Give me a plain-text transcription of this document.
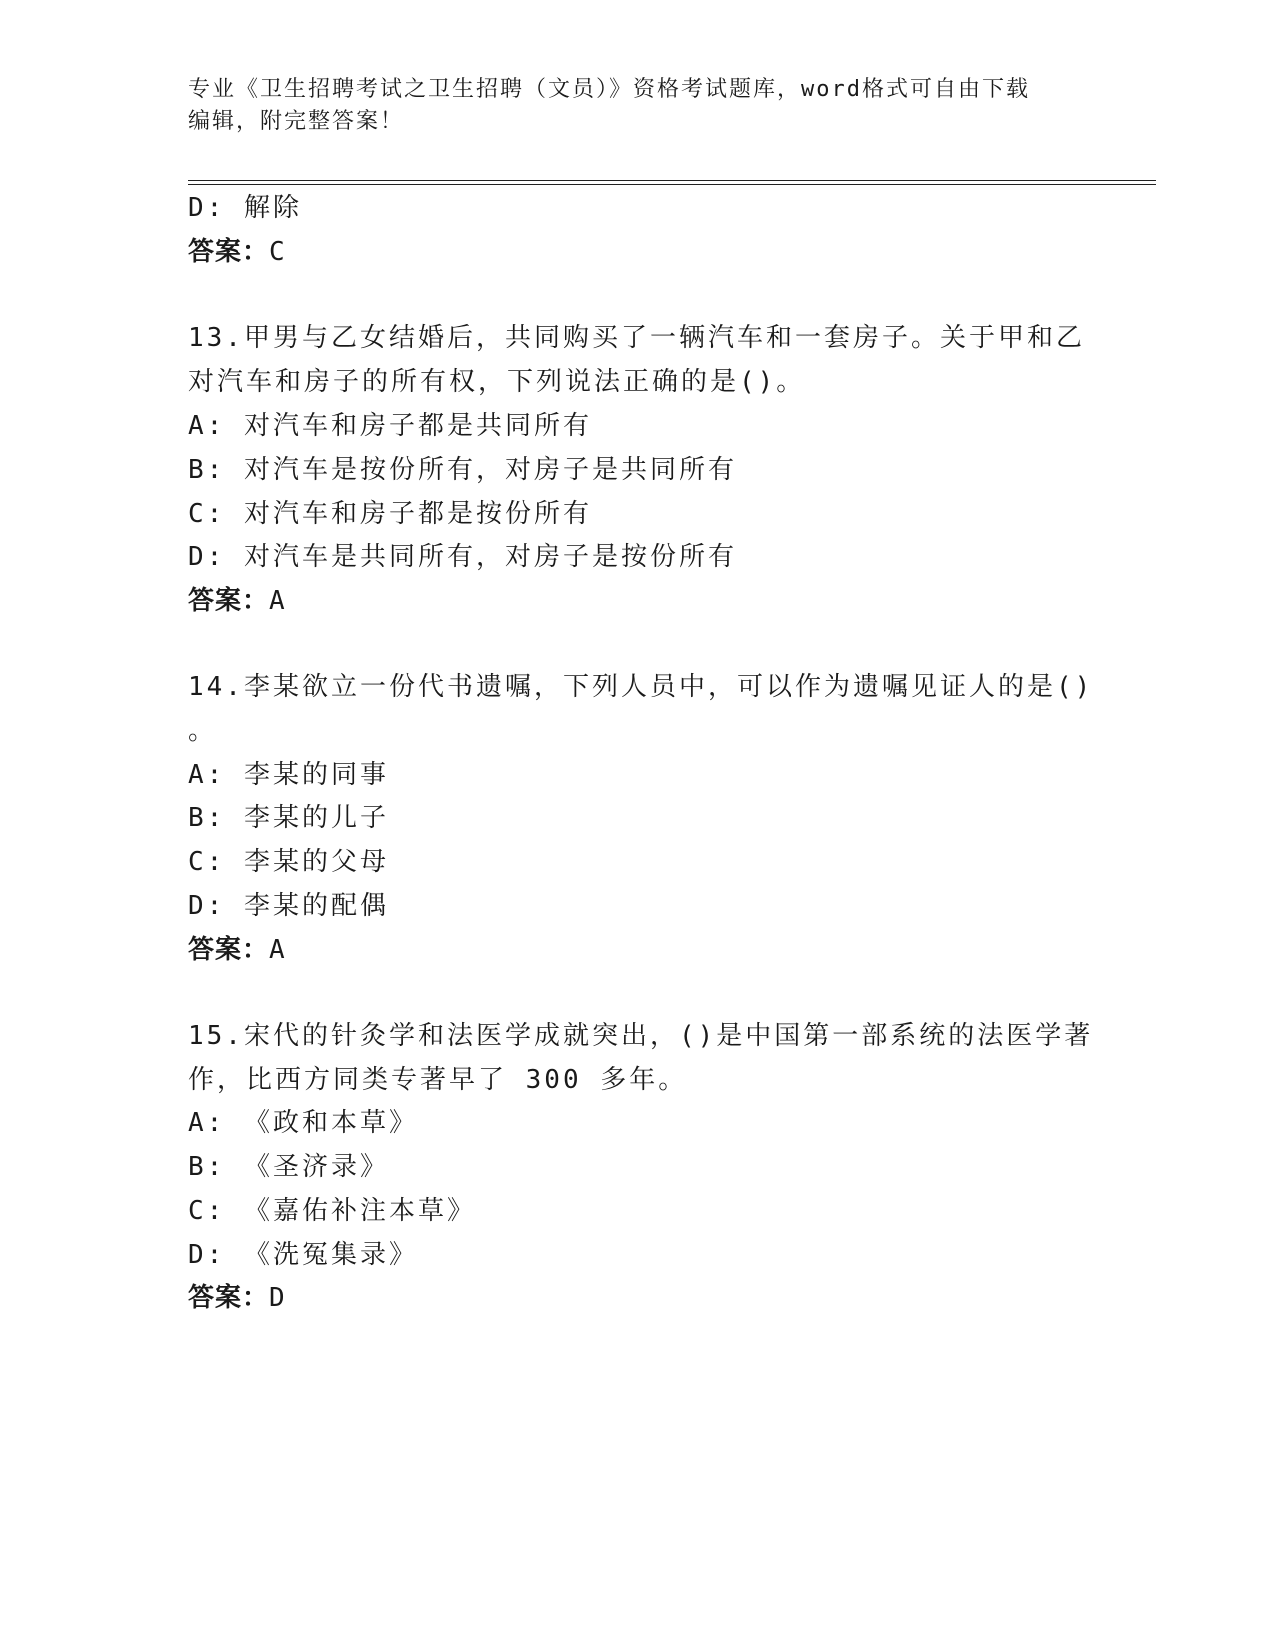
专业《卫生招聘考试之卫生招聘（文员）》资格考试题库，word格式可自由下载
编辑，附完整答案！
D: 解除
答案：C
13.甲男与乙女结婚后，共同购买了一辆汽车和一套房子。关于甲和乙
对汽车和房子的所有权，下列说法正确的是()。
A: 对汽车和房子都是共同所有
B: 对汽车是按份所有，对房子是共同所有
C: 对汽车和房子都是按份所有
D: 对汽车是共同所有，对房子是按份所有
答案：A
14.李某欲立一份代书遗嘱，下列人员中，可以作为遗嘱见证人的是()
。
A: 李某的同事
B: 李某的儿子
C: 李某的父母
D: 李某的配偶
答案：A
15.宋代的针灸学和法医学成就突出，()是中国第一部系统的法医学著
作，比西方同类专著早了 300 多年。
A: 《政和本草》
B: 《圣济录》
C: 《嘉佑补注本草》
D: 《洗冤集录》
答案：D
